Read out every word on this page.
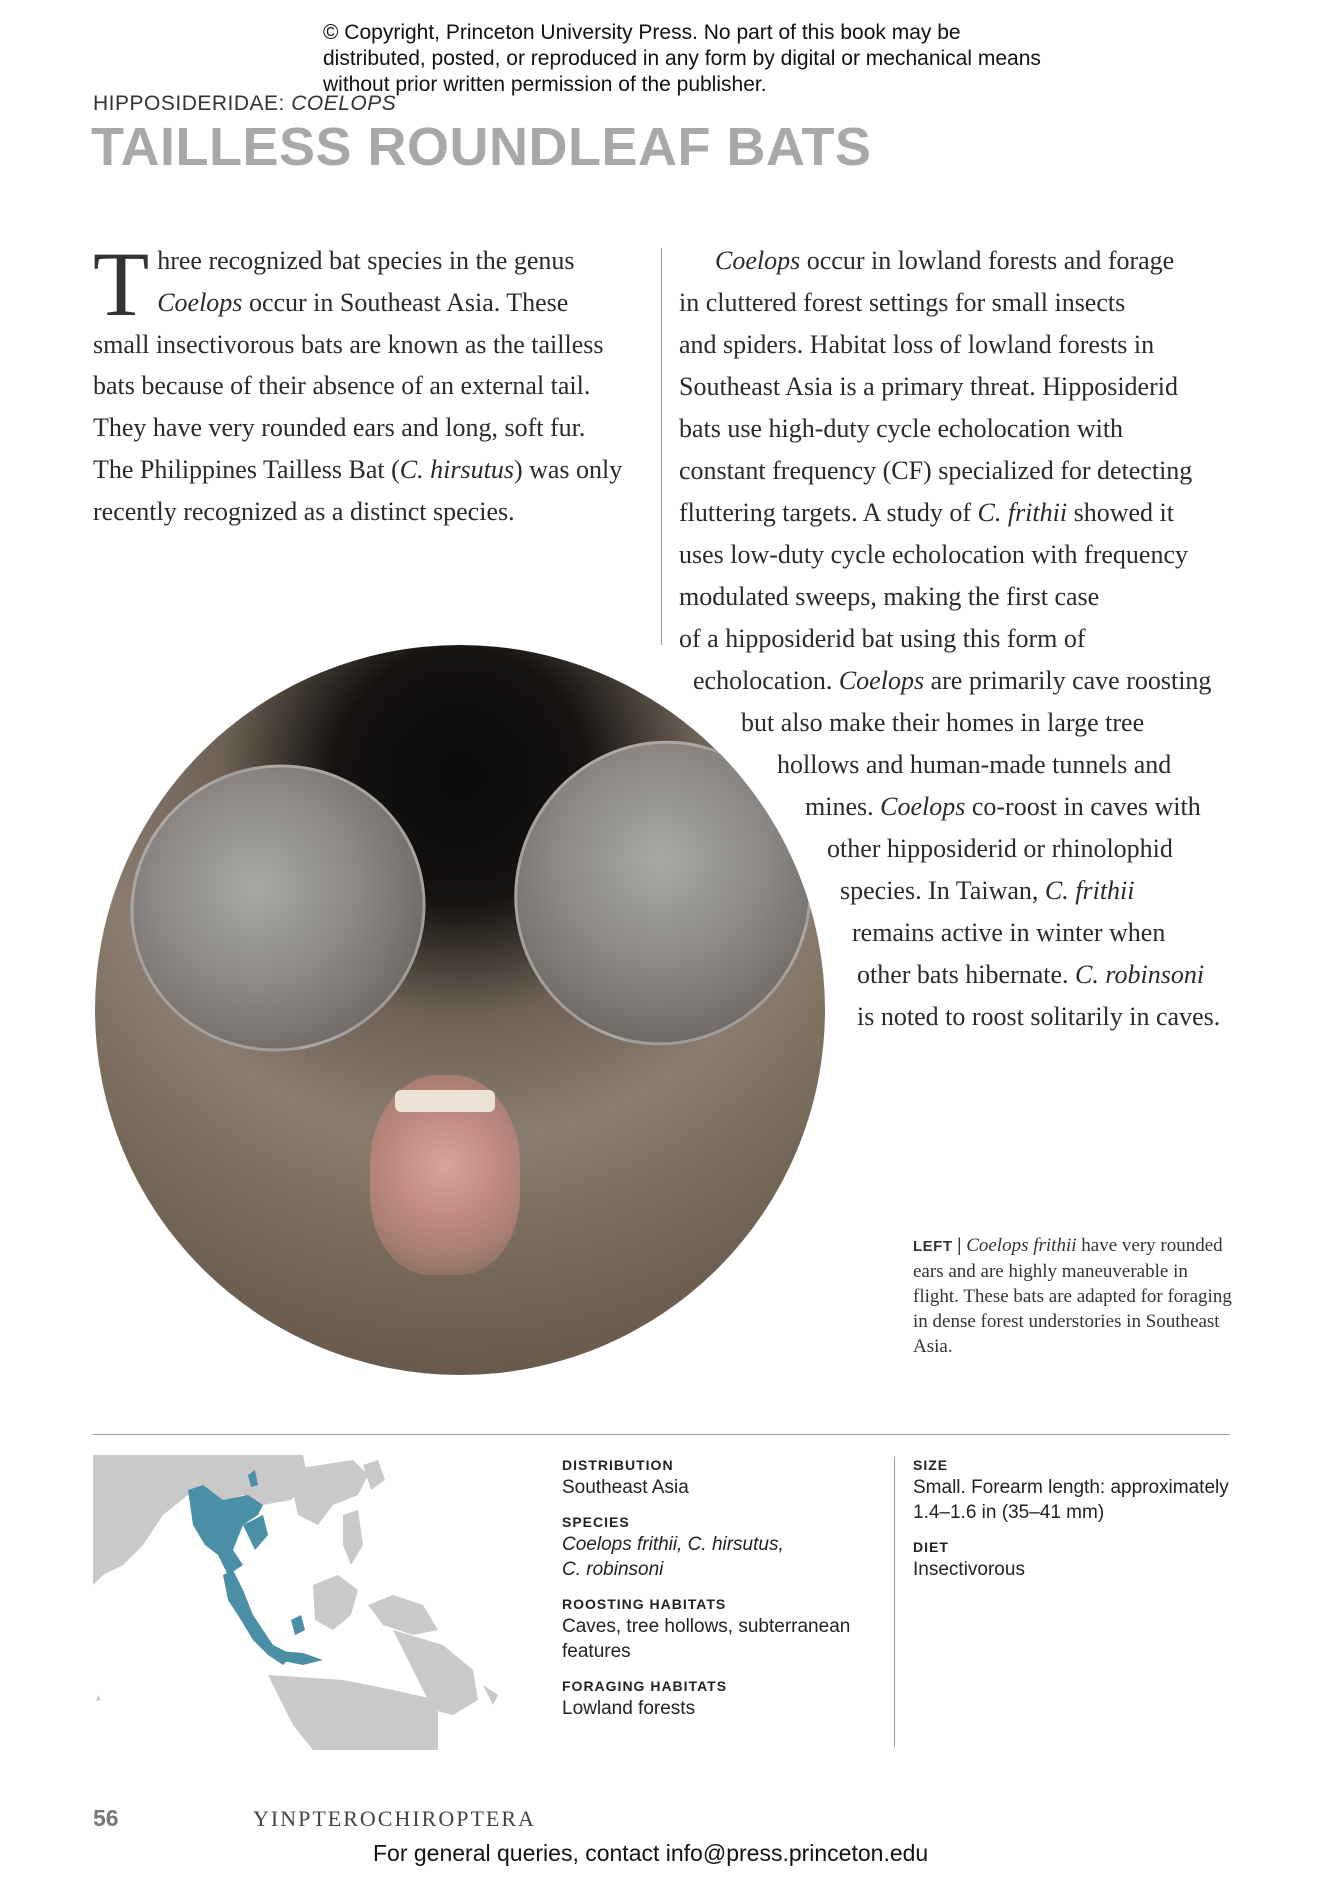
© Copyright, Princeton University Press. No part of this book may be distributed, posted, or reproduced in any form by digital or mechanical means without prior written permission of the publisher.
HIPPOSIDERIDAE: COELOPS
TAILLESS ROUNDLEAF BATS
Three recognized bat species in the genus Coelops occur in Southeast Asia. These small insectivorous bats are known as the tailless bats because of their absence of an external tail. They have very rounded ears and long, soft fur. The Philippines Tailless Bat (C. hirsutus) was only recently recognized as a distinct species.
Coelops occur in lowland forests and forage
in cluttered forest settings for small insects
and spiders. Habitat loss of lowland forests in
Southeast Asia is a primary threat. Hipposiderid
bats use high-duty cycle echolocation with
constant frequency (CF) specialized for detecting
fluttering targets. A study of C. frithii showed it
uses low-duty cycle echolocation with frequency
modulated sweeps, making the first case
of a hipposiderid bat using this form of
echolocation. Coelops are primarily cave roosting
but also make their homes in large tree
hollows and human-made tunnels and
mines. Coelops co-roost in caves with
other hipposiderid or rhinolophid
species. In Taiwan, C. frithii
remains active in winter when
other bats hibernate. C. robinsoni
is noted to roost solitarily in caves.
LEFT | Coelops frithii have very rounded ears and are highly maneuverable in flight. These bats are adapted for foraging in dense forest understories in Southeast Asia.
DISTRIBUTION
Southeast Asia
SPECIES
Coelops frithii, C. hirsutus, C. robinsoni
ROOSTING HABITATS
Caves, tree hollows, subterranean features
FORAGING HABITATS
Lowland forests
SIZE
Small. Forearm length: approximately 1.4–1.6 in (35–41 mm)
DIET
Insectivorous
56	YINPTEROCHIROPTERA
For general queries, contact info@press.princeton.edu
